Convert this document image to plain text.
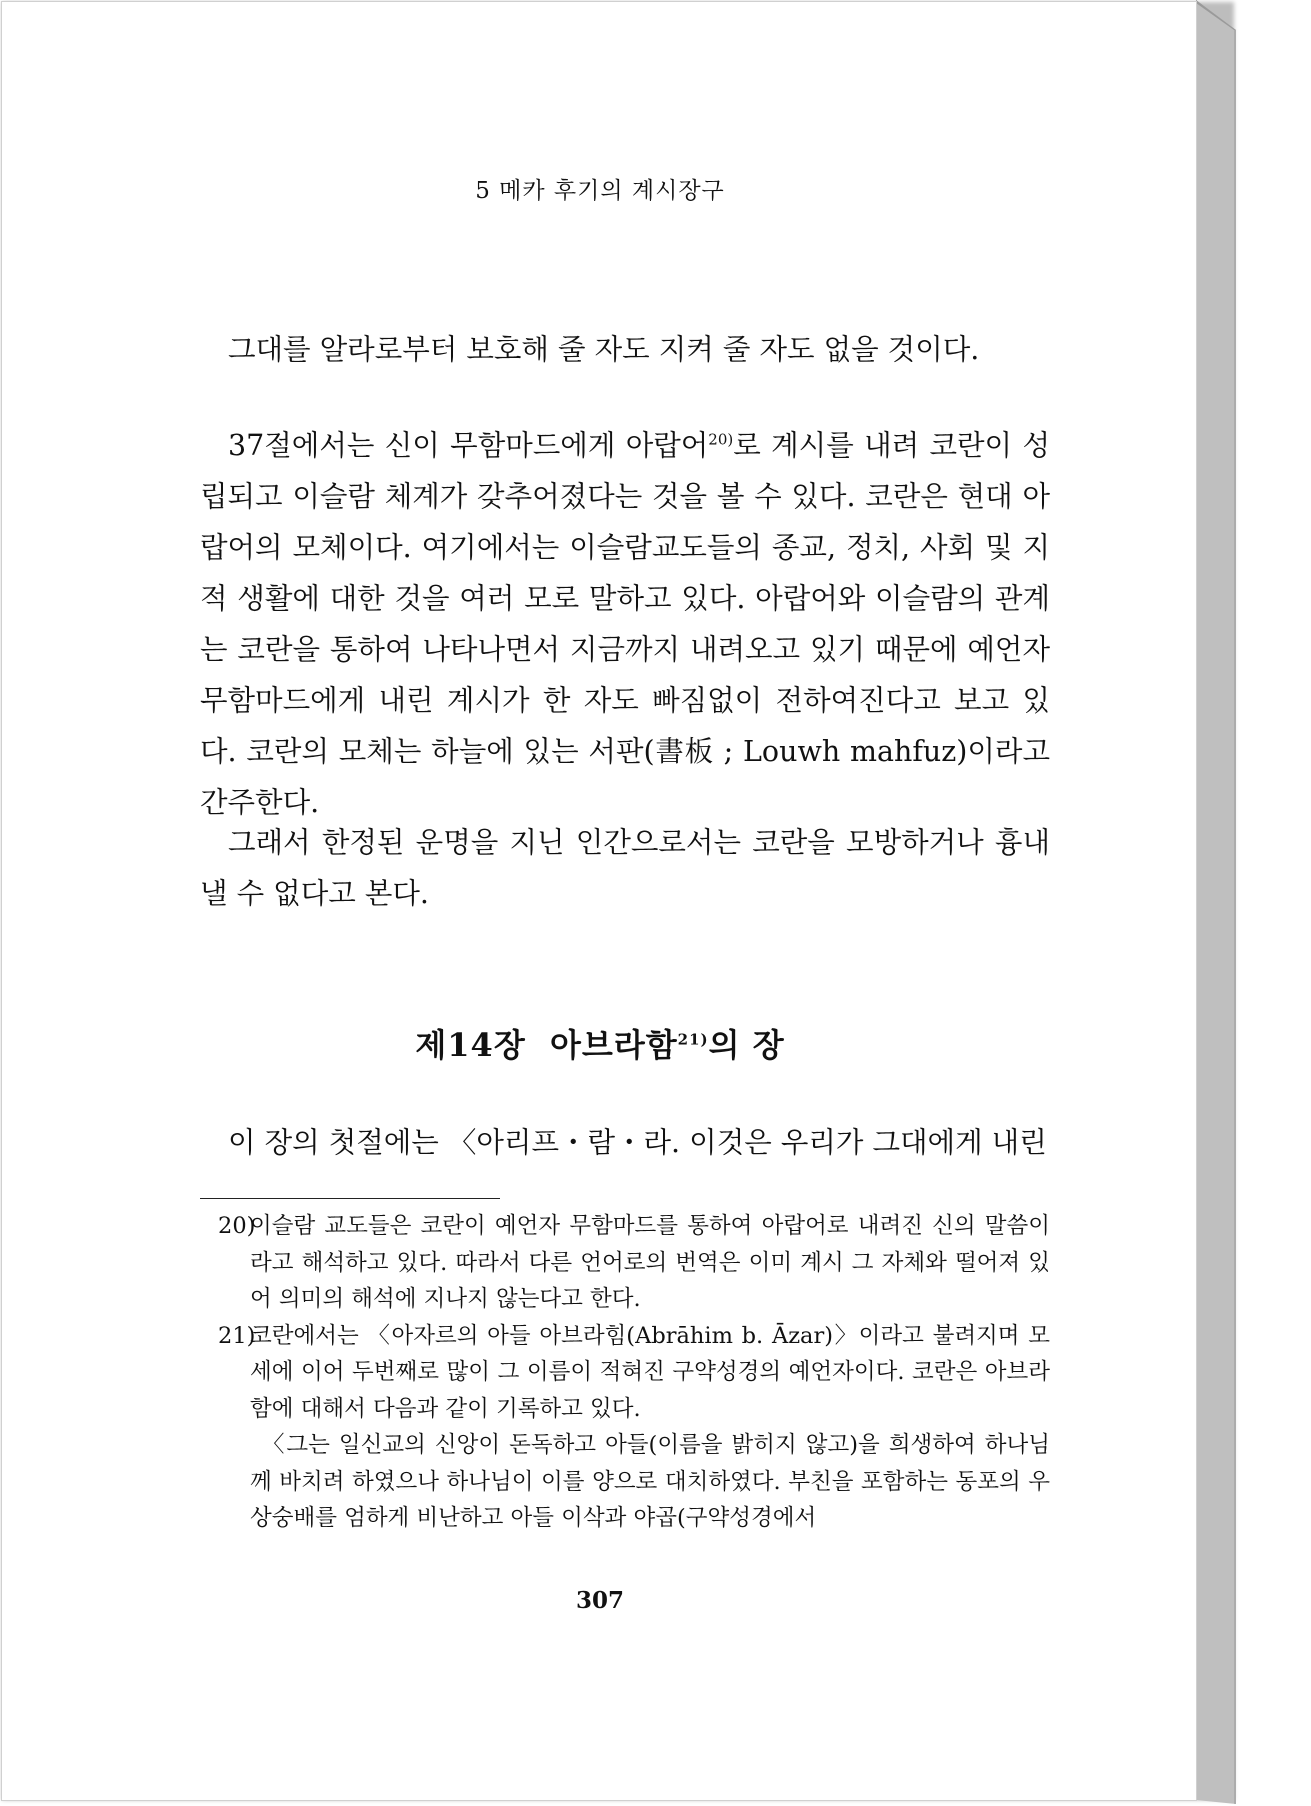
5 메카 후기의 계시장구

그대를 알라로부터 보호해 줄 자도 지켜 줄 자도 없을 것이다.

37절에서는 신이 무함마드에게 아랍어$^{20)}$로 계시를 내려 코란이 성립되고 이슬람 체계가 갖추어졌다는 것을 볼 수 있다. 코란은 현대 아랍어의 모체이다. 여기에서는 이슬람교도들의 종교, 정치, 사회 및 지적 생활에 대한 것을 여러 모로 말하고 있다. 아랍어와 이슬람의 관계는 코란을 통하여 나타나면서 지금까지 내려오고 있기 때문에 예언자 무함마드에게 내린 계시가 한 자도 빠짐없이 전하여진다고 보고 있다. 코란의 모체는 하늘에 있는 서판(書板 ; Louwh mahfuz)이라고 간주한다.

그래서 한정된 운명을 지닌 인간으로서는 코란을 모방하거나 흉내 낼 수 없다고 본다.

제14장  아브라함$^{21)}$의 장

이 장의 첫절에는 〈아리프・람・라. 이것은 우리가 그대에게 내린

20)
이슬람 교도들은 코란이 예언자 무함마드를 통하여 아랍어로 내려진 신의 말씀이라고 해석하고 있다. 따라서 다른 언어로의 번역은 이미 계시 그 자체와 떨어져 있어 의미의 해석에 지나지 않는다고 한다.
21)
코란에서는 〈아자르의 아들 아브라힘(Abrāhim b. Āzar)〉이라고 불려지며 모세에 이어 두번째로 많이 그 이름이 적혀진 구약성경의 예언자이다. 코란은 아브라함에 대해서 다음과 같이 기록하고 있다.

〈그는 일신교의 신앙이 돈독하고 아들(이름을 밝히지 않고)을 희생하여 하나님께 바치려 하였으나 하나님이 이를 양으로 대치하였다. 부친을 포함하는 동포의 우상숭배를 엄하게 비난하고 아들 이삭과 야곱(구약성경에서

307
